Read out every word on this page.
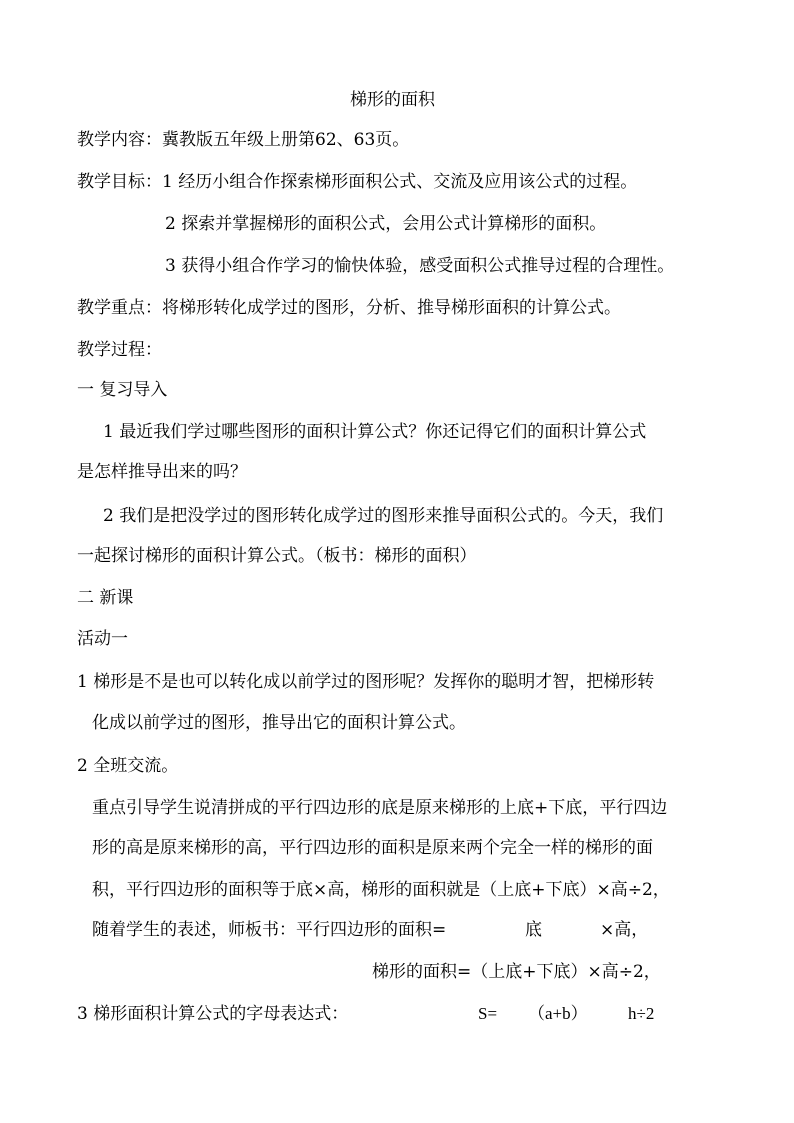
梯形的面积
教学内容：冀教版五年级上册第62、63页。
教学目标：1 经历小组合作探索梯形面积公式、交流及应用该公式的过程。
2 探索并掌握梯形的面积公式，会用公式计算梯形的面积。
3 获得小组合作学习的愉快体验，感受面积公式推导过程的合理性。
教学重点：将梯形转化成学过的图形，分析、推导梯形面积的计算公式。
教学过程：
一 复习导入
1 最近我们学过哪些图形的面积计算公式？你还记得它们的面积计算公式
是怎样推导出来的吗？
2 我们是把没学过的图形转化成学过的图形来推导面积公式的。今天，我们
一起探讨梯形的面积计算公式。（板书：梯形的面积）
二 新课
活动一
1 梯形是不是也可以转化成以前学过的图形呢？发挥你的聪明才智，把梯形转
化成以前学过的图形，推导出它的面积计算公式。
2 全班交流。
重点引导学生说清拼成的平行四边形的底是原来梯形的上底+下底，平行四边
形的高是原来梯形的高，平行四边形的面积是原来两个完全一样的梯形的面
积，平行四边形的面积等于底×高，梯形的面积就是（上底+下底）×高÷2，
随着学生的表述，师板书：平行四边形的面积=	底	×高，
梯形的面积=（上底+下底）×高÷2，
3 梯形面积计算公式的字母表达式：	S= （a+b） h÷2
